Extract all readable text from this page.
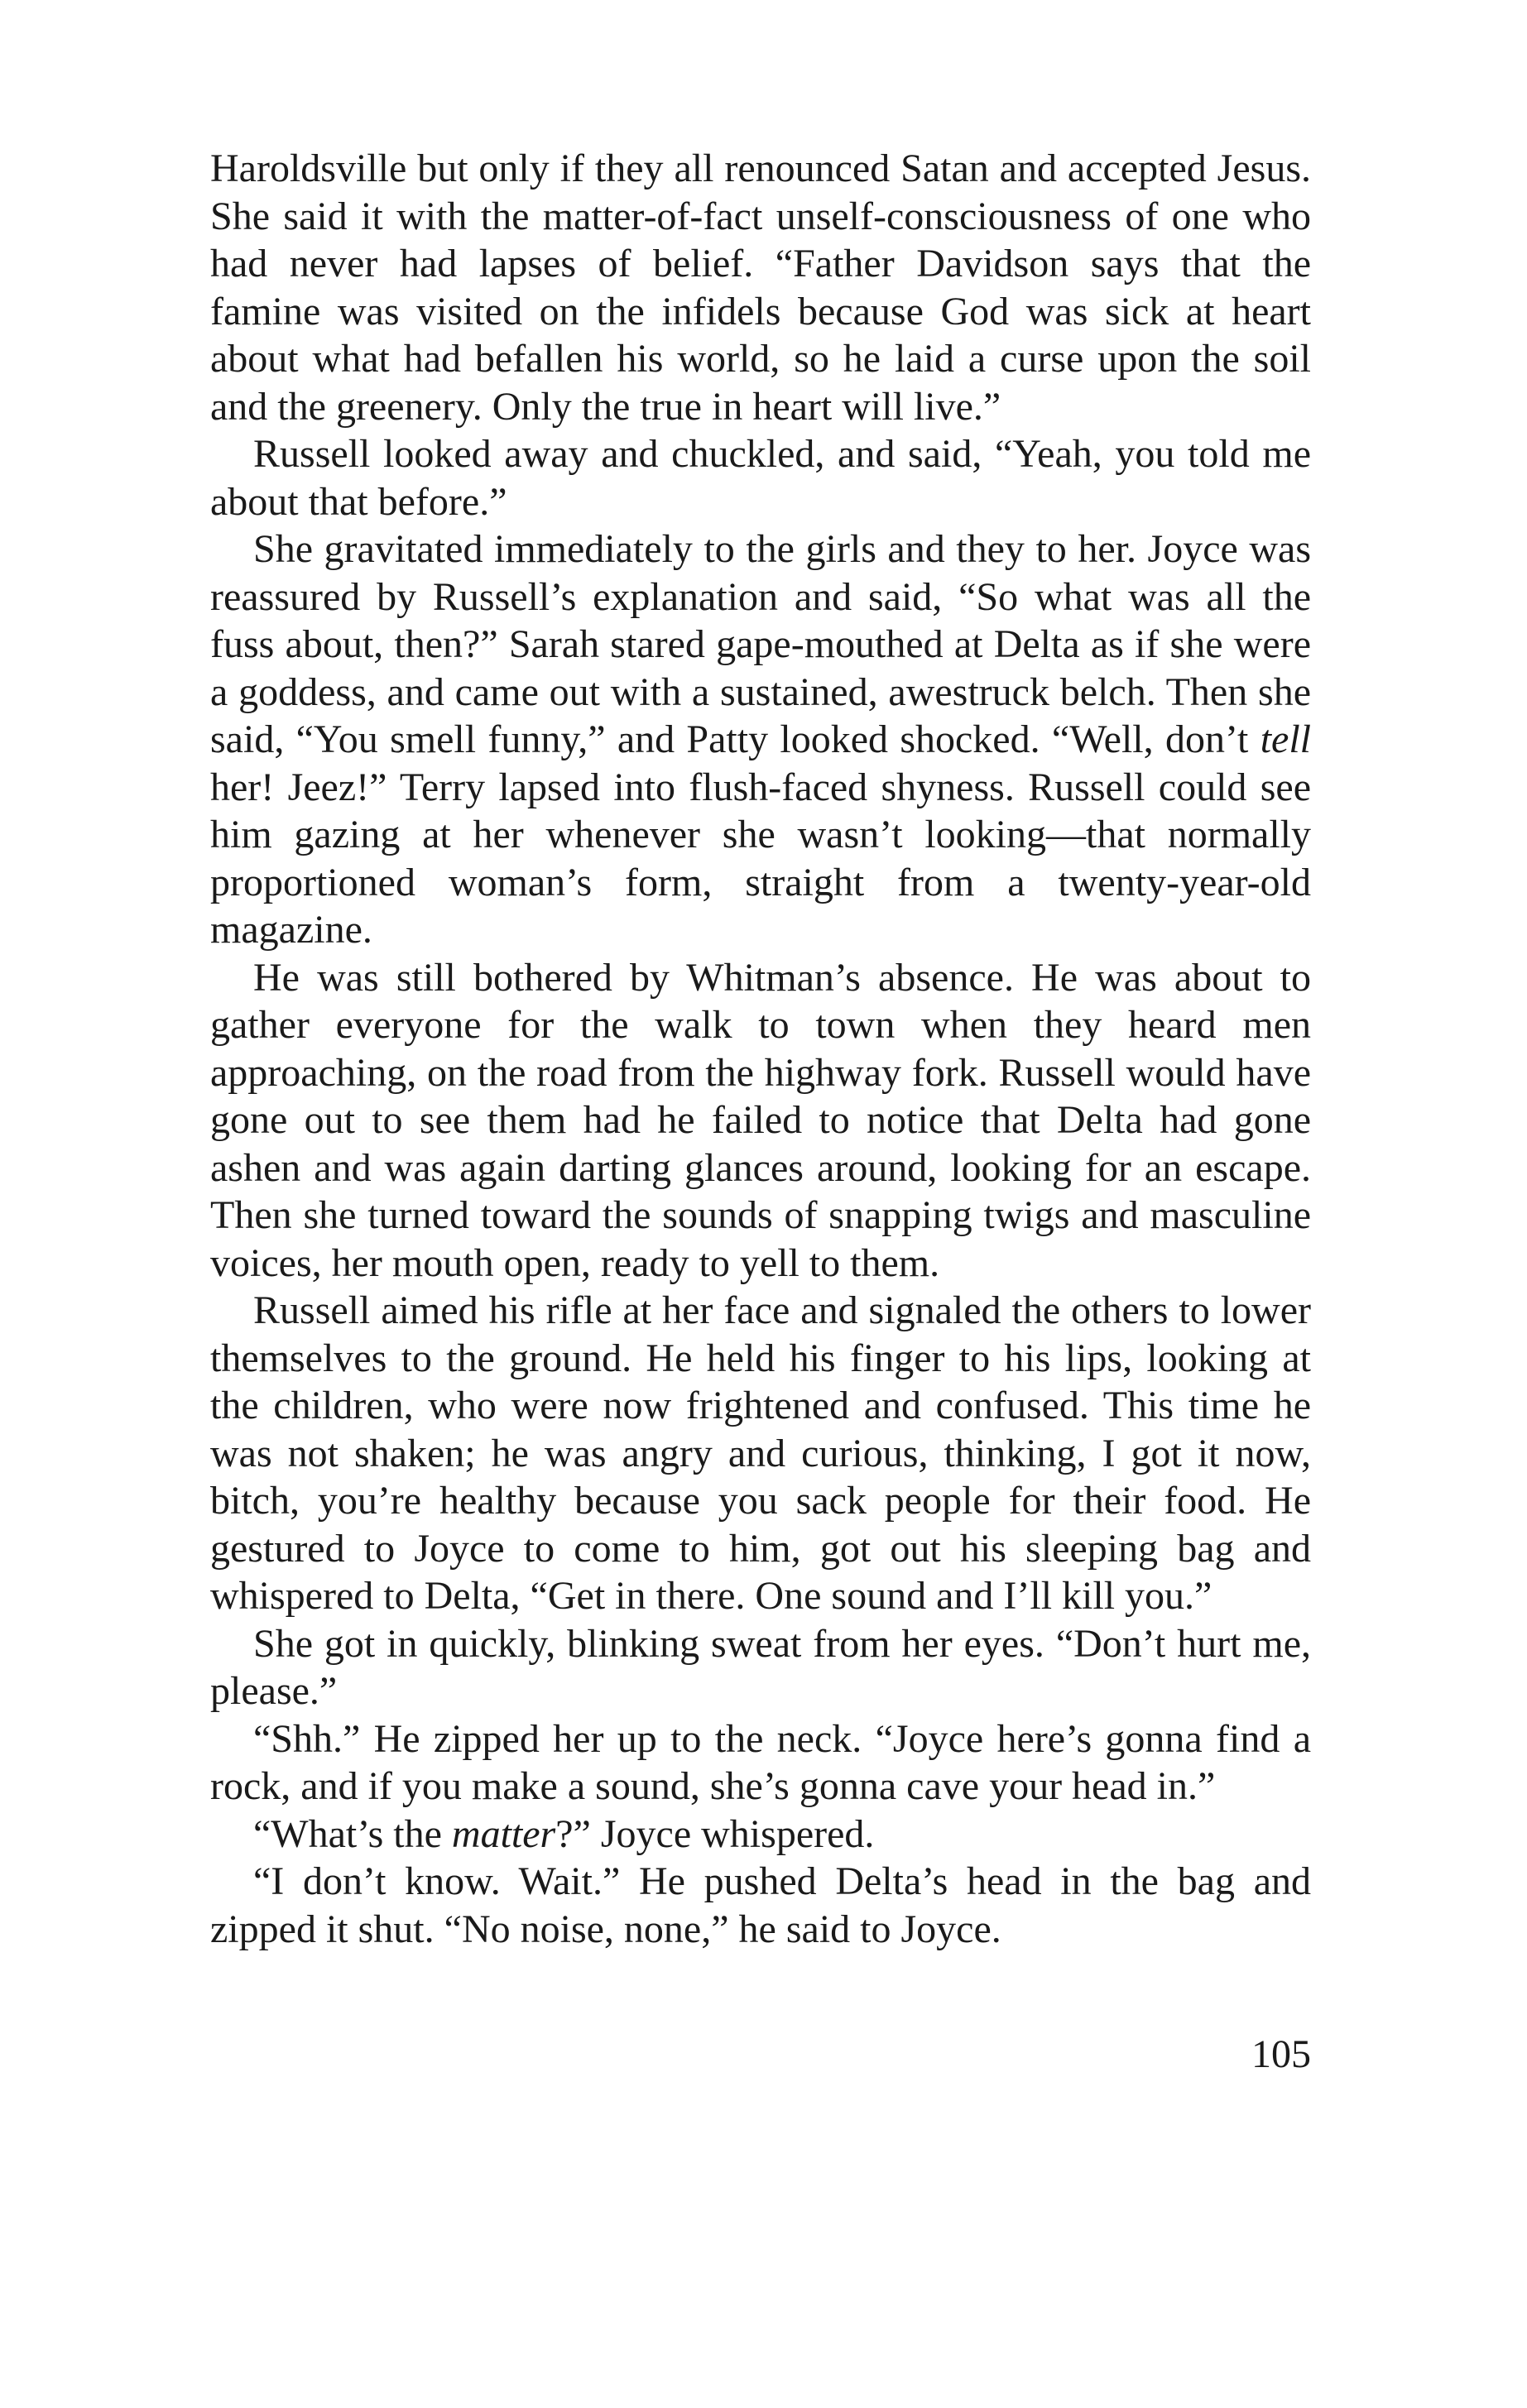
Haroldsville but only if they all renounced Satan and accepted Jesus. She said it with the matter-of-fact unself-consciousness of one who had never had lapses of belief. “Father Davidson says that the famine was visited on the infidels because God was sick at heart about what had befallen his world, so he laid a curse upon the soil and the greenery. Only the true in heart will live.”

Russell looked away and chuckled, and said, “Yeah, you told me about that before.”

She gravitated immediately to the girls and they to her. Joyce was reassured by Russell’s explanation and said, “So what was all the fuss about, then?” Sarah stared gape-mouthed at Delta as if she were a goddess, and came out with a sustained, awestruck belch. Then she said, “You smell funny,” and Patty looked shocked. “Well, don’t tell her! Jeez!” Terry lapsed into flush-faced shyness. Russell could see him gazing at her whenever she wasn’t looking—that normally proportioned woman’s form, straight from a twenty-year-old magazine.

He was still bothered by Whitman’s absence. He was about to gather everyone for the walk to town when they heard men approaching, on the road from the highway fork. Russell would have gone out to see them had he failed to notice that Delta had gone ashen and was again darting glances around, looking for an escape. Then she turned toward the sounds of snapping twigs and masculine voices, her mouth open, ready to yell to them.

Russell aimed his rifle at her face and signaled the others to lower themselves to the ground. He held his finger to his lips, looking at the children, who were now frightened and confused. This time he was not shaken; he was angry and curious, thinking, I got it now, bitch, you’re healthy because you sack people for their food. He gestured to Joyce to come to him, got out his sleeping bag and whispered to Delta, “Get in there. One sound and I’ll kill you.”

She got in quickly, blinking sweat from her eyes. “Don’t hurt me, please.”

“Shh.” He zipped her up to the neck. “Joyce here’s gonna find a rock, and if you make a sound, she’s gonna cave your head in.”

“What’s the matter?” Joyce whispered.

“I don’t know. Wait.” He pushed Delta’s head in the bag and zipped it shut. “No noise, none,” he said to Joyce.

105
